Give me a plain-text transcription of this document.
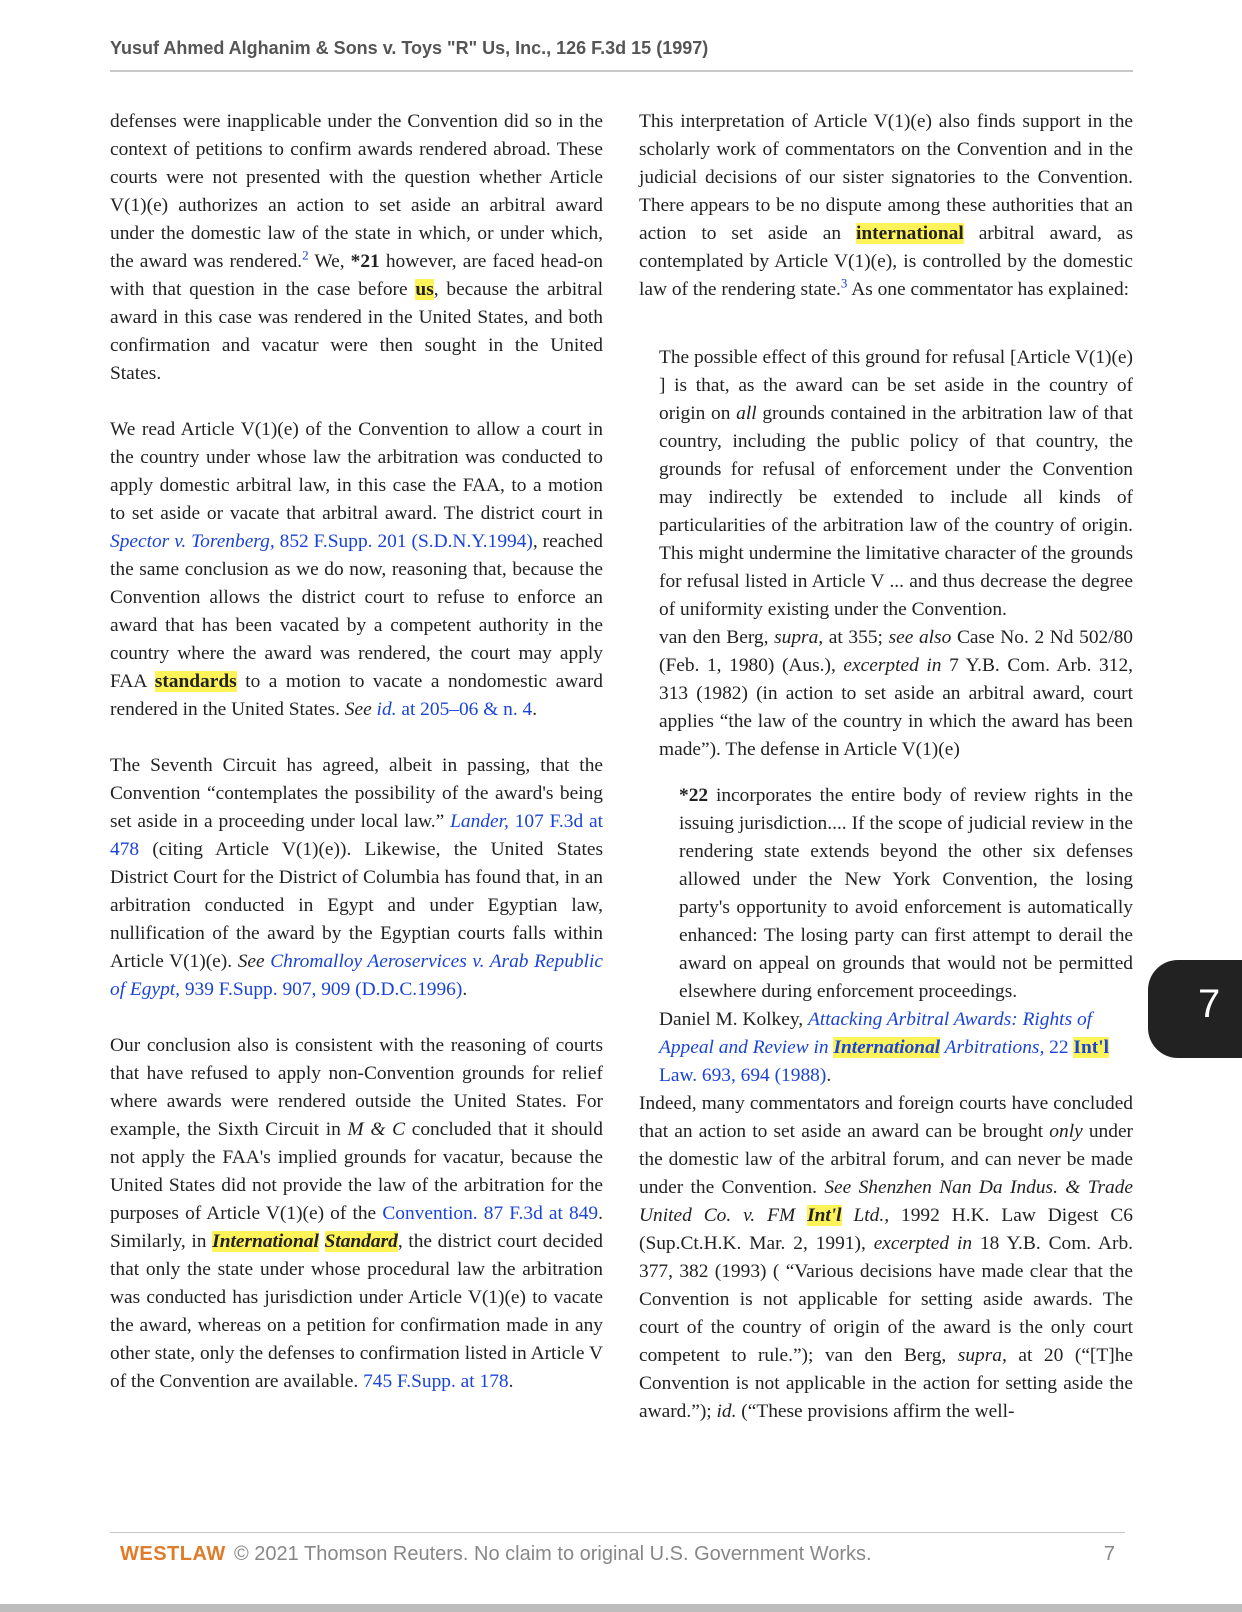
Yusuf Ahmed Alghanim & Sons v. Toys "R" Us, Inc., 126 F.3d 15 (1997)

defenses were inapplicable under the Convention did so in the context of petitions to confirm awards rendered abroad. These courts were not presented with the question whether Article V(1)(e) authorizes an action to set aside an arbitral award under the domestic law of the state in which, or under which, the award was rendered.$^2$ We, *21 however, are faced head-on with that question in the case before us, because the arbitral award in this case was rendered in the United States, and both confirmation and vacatur were then sought in the United States.

We read Article V(1)(e) of the Convention to allow a court in the country under whose law the arbitration was conducted to apply domestic arbitral law, in this case the FAA, to a motion to set aside or vacate that arbitral award. The district court in Spector v. Torenberg, 852 F.Supp. 201 (S.D.N.Y.1994), reached the same conclusion as we do now, reasoning that, because the Convention allows the district court to refuse to enforce an award that has been vacated by a competent authority in the country where the award was rendered, the court may apply FAA standards to a motion to vacate a nondomestic award rendered in the United States. See id. at 205–06 & n. 4.

The Seventh Circuit has agreed, albeit in passing, that the Convention “contemplates the possibility of the award's being set aside in a proceeding under local law.” Lander, 107 F.3d at 478 (citing Article V(1)(e)). Likewise, the United States District Court for the District of Columbia has found that, in an arbitration conducted in Egypt and under Egyptian law, nullification of the award by the Egyptian courts falls within Article V(1)(e). See Chromalloy Aeroservices v. Arab Republic of Egypt, 939 F.Supp. 907, 909 (D.D.C.1996).

Our conclusion also is consistent with the reasoning of courts that have refused to apply non-Convention grounds for relief where awards were rendered outside the United States. For example, the Sixth Circuit in M & C concluded that it should not apply the FAA's implied grounds for vacatur, because the United States did not provide the law of the arbitration for the purposes of Article V(1)(e) of the Convention. 87 F.3d at 849. Similarly, in International Standard, the district court decided that only the state under whose procedural law the arbitration was conducted has jurisdiction under Article V(1)(e) to vacate the award, whereas on a petition for confirmation made in any other state, only the defenses to confirmation listed in Article V of the Convention are available. 745 F.Supp. at 178.

This interpretation of Article V(1)(e) also finds support in the scholarly work of commentators on the Convention and in the judicial decisions of our sister signatories to the Convention. There appears to be no dispute among these authorities that an action to set aside an international arbitral award, as contemplated by Article V(1)(e), is controlled by the domestic law of the rendering state.$^3$ As one commentator has explained:

The possible effect of this ground for refusal [Article V(1)(e) ] is that, as the award can be set aside in the country of origin on all grounds contained in the arbitration law of that country, including the public policy of that country, the grounds for refusal of enforcement under the Convention may indirectly be extended to include all kinds of particularities of the arbitration law of the country of origin. This might undermine the limitative character of the grounds for refusal listed in Article V ... and thus decrease the degree of uniformity existing under the Convention.

van den Berg, supra, at 355; see also Case No. 2 Nd 502/80 (Feb. 1, 1980) (Aus.), excerpted in 7 Y.B. Com. Arb. 312, 313 (1982) (in action to set aside an arbitral award, court applies “the law of the country in which the award has been made”). The defense in Article V(1)(e)

*22 incorporates the entire body of review rights in the issuing jurisdiction.... If the scope of judicial review in the rendering state extends beyond the other six defenses allowed under the New York Convention, the losing party's opportunity to avoid enforcement is automatically enhanced: The losing party can first attempt to derail the award on appeal on grounds that would not be permitted elsewhere during enforcement proceedings.

Daniel M. Kolkey, Attacking Arbitral Awards: Rights of Appeal and Review in International Arbitrations, 22 Int'l Law. 693, 694 (1988).

Indeed, many commentators and foreign courts have concluded that an action to set aside an award can be brought only under the domestic law of the arbitral forum, and can never be made under the Convention. See Shenzhen Nan Da Indus. & Trade United Co. v. FM Int'l Ltd., 1992 H.K. Law Digest C6 (Sup.Ct.H.K. Mar. 2, 1991), excerpted in 18 Y.B. Com. Arb. 377, 382 (1993) ( “Various decisions have made clear that the Convention is not applicable for setting aside awards. The court of the country of origin of the award is the only court competent to rule.”); van den Berg, supra, at 20 (“[T]he Convention is not applicable in the action for setting aside the award.”); id. (“These provisions affirm the well-

7
WESTLAW © 2021 Thomson Reuters. No claim to original U.S. Government Works.	7
